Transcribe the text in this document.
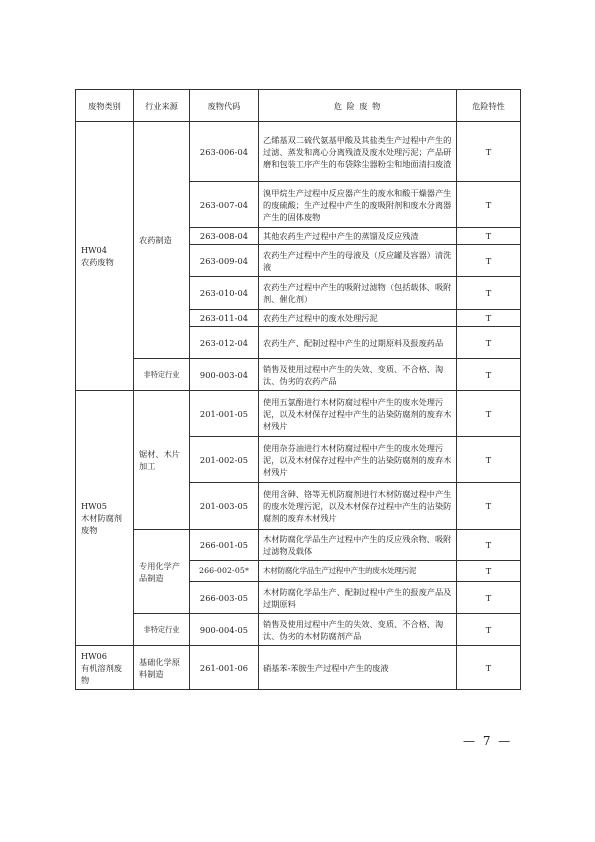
废物类别	行业来源	废物代码	危 险 废 物	危险特性
HW04
农药废物	农药制造	263-006-04	乙烯基双二硫代氨基甲酸及其盐类生产过程中产生的过滤、蒸发和离心分离残渣及废水处理污泥；产品研磨和包装工序产生的布袋除尘器粉尘和地面清扫废渣	T
		263-007-04	溴甲烷生产过程中反应器产生的废水和酸干燥器产生的废硫酸；生产过程中产生的废吸附剂和废水分离器产生的固体废物	T
		263-008-04	其他农药生产过程中产生的蒸馏及反应残渣	T
		263-009-04	农药生产过程中产生的母液及（反应罐及容器）清洗液	T
		263-010-04	农药生产过程中产生的吸附过滤物（包括载体、吸附剂、催化剂）	T
		263-011-04	农药生产过程中的废水处理污泥	T
		263-012-04	农药生产、配制过程中产生的过期原料及报废药品	T
	非特定行业	900-003-04	销售及使用过程中产生的失效、变质、不合格、淘汰、伪劣的农药产品	T
HW05
木材防腐剂废物	锯材、木片加工	201-001-05	使用五氯酚进行木材防腐过程中产生的废水处理污泥，以及木材保存过程中产生的沾染防腐剂的废弃木材残片	T
		201-002-05	使用杂芬油进行木材防腐过程中产生的废水处理污泥，以及木材保存过程中产生的沾染防腐剂的废弃木材残片	T
		201-003-05	使用含砷、铬等无机防腐剂进行木材防腐过程中产生的废水处理污泥，以及木材保存过程中产生的沾染防腐剂的废弃木材残片	T
	专用化学产品制造	266-001-05	木材防腐化学品生产过程中产生的反应残余物、吸附过滤物及载体	T
		266-002-05*	木材防腐化学品生产过程中产生的废水处理污泥	T
		266-003-05	木材防腐化学品生产、配制过程中产生的报废产品及过期原料	T
	非特定行业	900-004-05	销售及使用过程中产生的失效、变质、不合格、淘汰、伪劣的木材防腐剂产品	T
HW06
有机溶剂废物	基础化学原料制造	261-001-06	硝基苯-苯胺生产过程中产生的废液	T
— 7 —
